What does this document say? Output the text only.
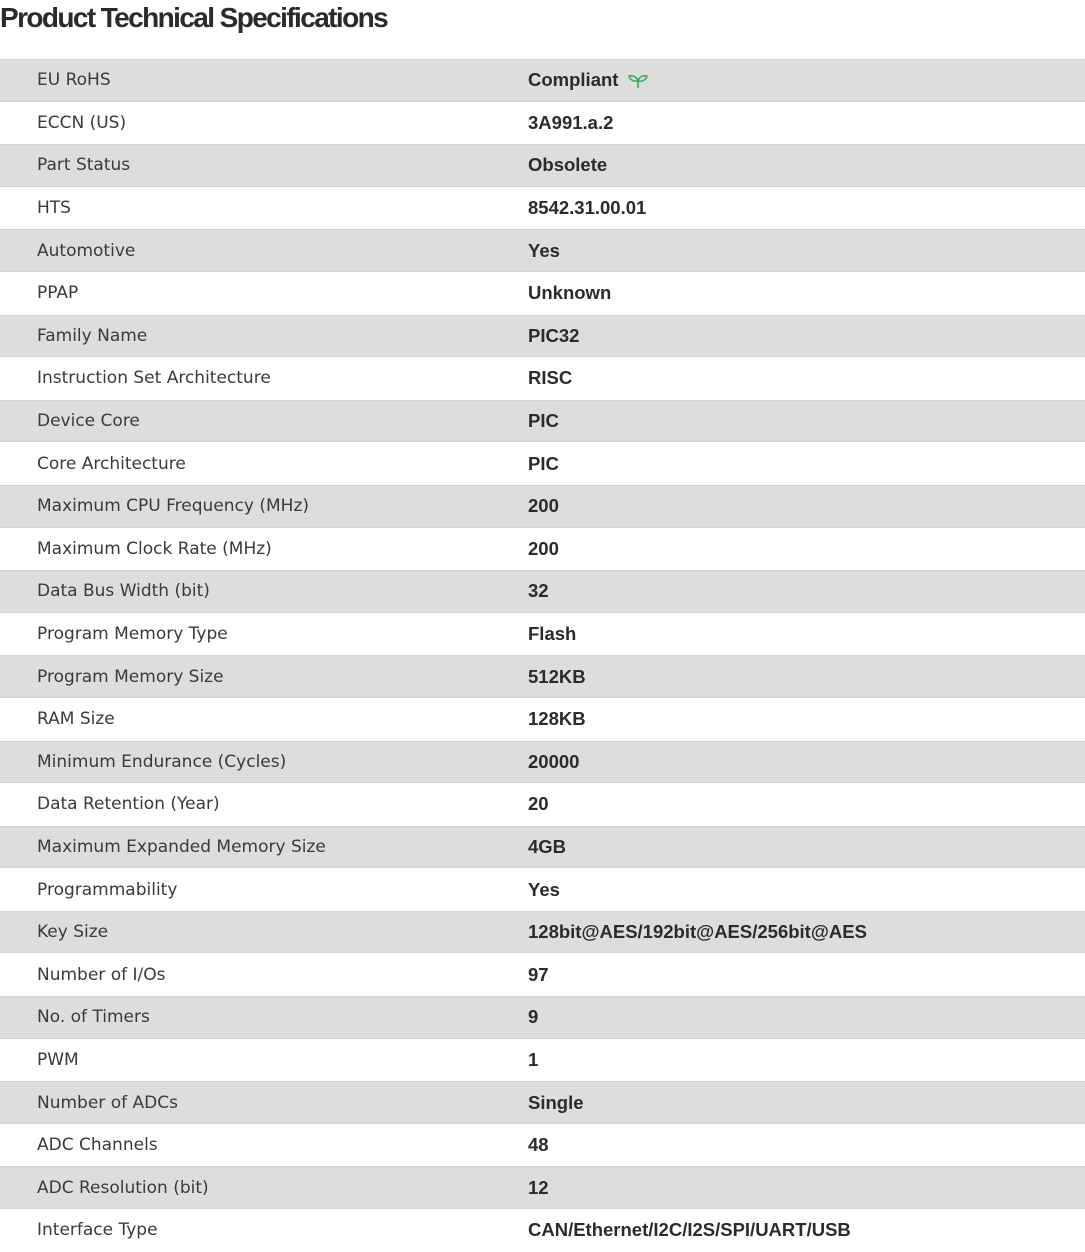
Product Technical Specifications
EU RoHS	Compliant
ECCN (US)	3A991.a.2
Part Status	Obsolete
HTS	8542.31.00.01
Automotive	Yes
PPAP	Unknown
Family Name	PIC32
Instruction Set Architecture	RISC
Device Core	PIC
Core Architecture	PIC
Maximum CPU Frequency (MHz)	200
Maximum Clock Rate (MHz)	200
Data Bus Width (bit)	32
Program Memory Type	Flash
Program Memory Size	512KB
RAM Size	128KB
Minimum Endurance (Cycles)	20000
Data Retention (Year)	20
Maximum Expanded Memory Size	4GB
Programmability	Yes
Key Size	128bit@AES/192bit@AES/256bit@AES
Number of I/Os	97
No. of Timers	9
PWM	1
Number of ADCs	Single
ADC Channels	48
ADC Resolution (bit)	12
Interface Type	CAN/Ethernet/I2C/I2S/SPI/UART/USB
